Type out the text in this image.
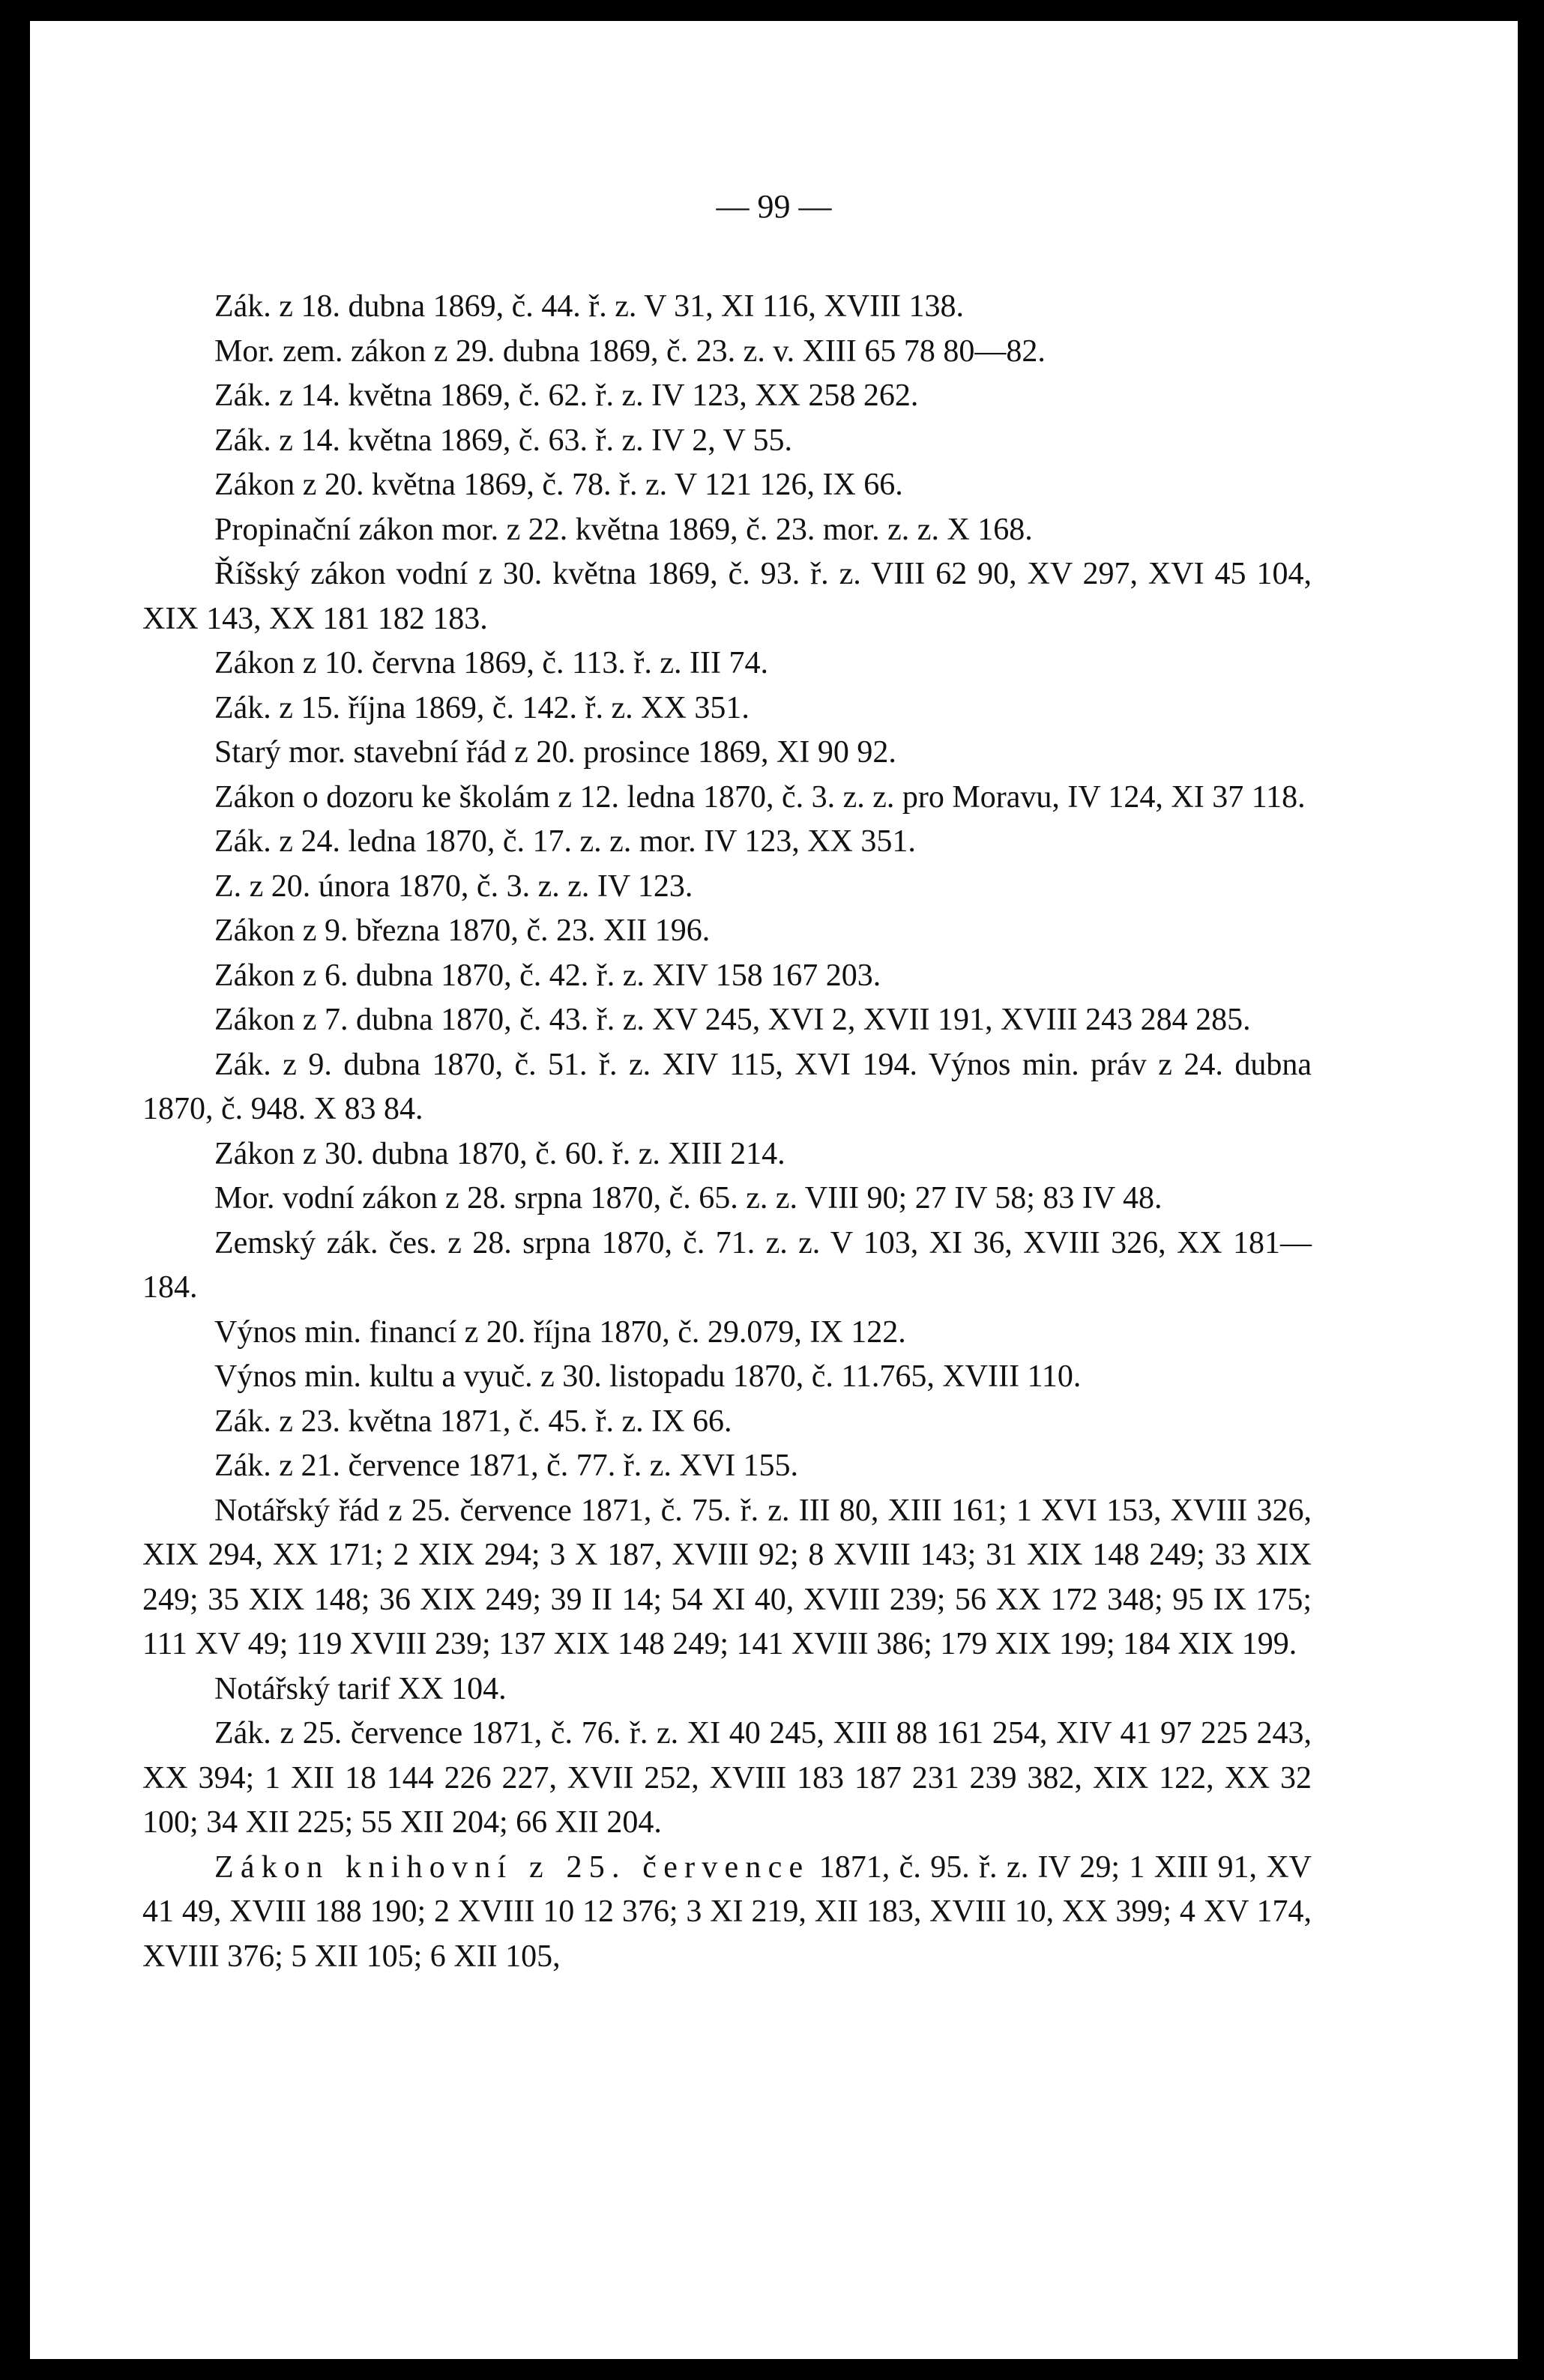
— 99 —

Zák. z 18. dubna 1869, č. 44. ř. z. V 31, XI 116, XVIII 138.

Mor. zem. zákon z 29. dubna 1869, č. 23. z. v. XIII 65 78 80—82.

Zák. z 14. května 1869, č. 62. ř. z. IV 123, XX 258 262.

Zák. z 14. května 1869, č. 63. ř. z. IV 2, V 55.

Zákon z 20. května 1869, č. 78. ř. z. V 121 126, IX 66.

Propinační zákon mor. z 22. května 1869, č. 23. mor. z. z. X 168.

Říšský zákon vodní z 30. května 1869, č. 93. ř. z. VIII 62 90, XV 297, XVI 45 104, XIX 143, XX 181 182 183.

Zákon z 10. června 1869, č. 113. ř. z. III 74.

Zák. z 15. října 1869, č. 142. ř. z. XX 351.

Starý mor. stavební řád z 20. prosince 1869, XI 90 92.

Zákon o dozoru ke školám z 12. ledna 1870, č. 3. z. z. pro Moravu, IV 124, XI 37 118.

Zák. z 24. ledna 1870, č. 17. z. z. mor. IV 123, XX 351.

Z. z 20. února 1870, č. 3. z. z. IV 123.

Zákon z 9. března 1870, č. 23. XII 196.

Zákon z 6. dubna 1870, č. 42. ř. z. XIV 158 167 203.

Zákon z 7. dubna 1870, č. 43. ř. z. XV 245, XVI 2, XVII 191, XVIII 243 284 285.

Zák. z 9. dubna 1870, č. 51. ř. z. XIV 115, XVI 194. Výnos min. práv z 24. dubna 1870, č. 948. X 83 84.

Zákon z 30. dubna 1870, č. 60. ř. z. XIII 214.

Mor. vodní zákon z 28. srpna 1870, č. 65. z. z. VIII 90; 27 IV 58; 83 IV 48.

Zemský zák. čes. z 28. srpna 1870, č. 71. z. z. V 103, XI 36, XVIII 326, XX 181—184.

Výnos min. financí z 20. října 1870, č. 29.079, IX 122.

Výnos min. kultu a vyuč. z 30. listopadu 1870, č. 11.765, XVIII 110.

Zák. z 23. května 1871, č. 45. ř. z. IX 66.

Zák. z 21. července 1871, č. 77. ř. z. XVI 155.

Notářský řád z 25. července 1871, č. 75. ř. z. III 80, XIII 161; 1 XVI 153, XVIII 326, XIX 294, XX 171; 2 XIX 294; 3 X 187, XVIII 92; 8 XVIII 143; 31 XIX 148 249; 33 XIX 249; 35 XIX 148; 36 XIX 249; 39 II 14; 54 XI 40, XVIII 239; 56 XX 172 348; 95 IX 175; 111 XV 49; 119 XVIII 239; 137 XIX 148 249; 141 XVIII 386; 179 XIX 199; 184 XIX 199.

Notářský tarif XX 104.

Zák. z 25. července 1871, č. 76. ř. z. XI 40 245, XIII 88 161 254, XIV 41 97 225 243, XX 394; 1 XII 18 144 226 227, XVII 252, XVIII 183 187 231 239 382, XIX 122, XX 32 100; 34 XII 225; 55 XII 204; 66 XII 204.

Zákon knihovní z 25. července 1871, č. 95. ř. z. IV 29; 1 XIII 91, XV 41 49, XVIII 188 190; 2 XVIII 10 12 376; 3 XI 219, XII 183, XVIII 10, XX 399; 4 XV 174, XVIII 376; 5 XII 105; 6 XII 105,
